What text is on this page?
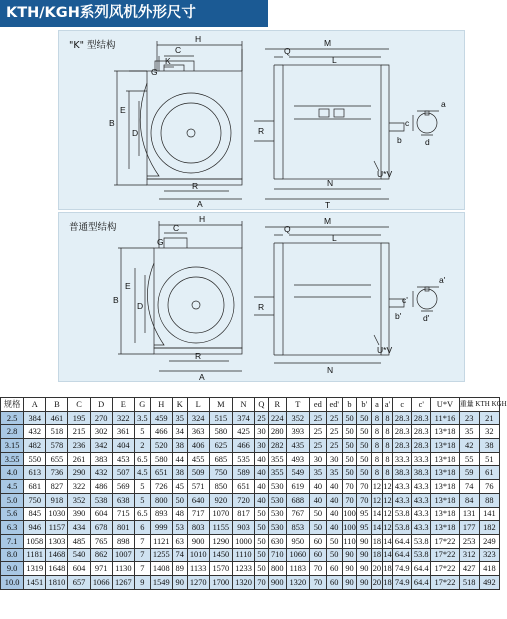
KTH/KGH系列风机外形尺寸
"K" 型结构
H
C
K
G
E
D
B
R
A
M
Q
L
R
N
T
b
U*V
a
c
d
普通型结构
H
C
G
E
D
B
R
A
M
Q
L
R
N
b'
U*V
a'
c'
d'
规格	A	B	C	D	E	G	H	K	L	M	N	Q	R	T	ed	ed'	b	b'	a	a'	c	c'	U*V	重量 KTH KGH	
2.5	384	461	195	270	322	3.5	459	35	324	515	374	25	224	352	25	25	50	50	8	8	28.3	28.3	11*16	23	21
2.8	432	518	215	302	361	5	466	34	363	580	425	30	280	393	25	25	50	50	8	8	28.3	28.3	13*18	35	32
3.15	482	578	236	342	404	2	520	38	406	625	466	30	282	435	25	25	50	50	8	8	28.3	28.3	13*18	42	38
3.55	550	655	261	383	453	6.5	580	44	455	685	535	40	355	493	30	30	50	50	8	8	33.3	33.3	13*18	55	51
4.0	613	736	290	432	507	4.5	651	38	509	750	589	40	355	549	35	35	50	50	8	8	38.3	38.3	13*18	59	61
4.5	681	827	322	486	569	5	726	45	571	850	651	40	530	619	40	40	70	70	12	12	43.3	43.3	13*18	74	76
5.0	750	918	352	538	638	5	800	50	640	920	720	40	530	688	40	40	70	70	12	12	43.3	43.3	13*18	84	88
5.6	845	1030	390	604	715	6.5	893	48	717	1070	817	50	530	767	50	40	100	95	14	12	53.8	43.3	13*18	131	141
6.3	946	1157	434	678	801	6	999	53	803	1155	903	50	530	853	50	40	100	95	14	12	53.8	43.3	13*18	177	182
7.1	1058	1303	485	765	898	7	1121	63	900	1290	1000	50	630	950	60	50	110	90	18	14	64.4	53.8	17*22	253	249
8.0	1181	1468	540	862	1007	7	1255	74	1010	1450	1110	50	710	1060	60	50	90	90	18	14	64.4	53.8	17*22	312	323
9.0	1319	1648	604	971	1130	7	1408	89	1133	1570	1233	50	800	1183	70	60	90	90	20	18	74.9	64.4	17*22	427	418
10.0	1451	1810	657	1066	1267	9	1549	90	1270	1700	1320	70	900	1320	70	60	90	90	20	18	74.9	64.4	17*22	518	492
